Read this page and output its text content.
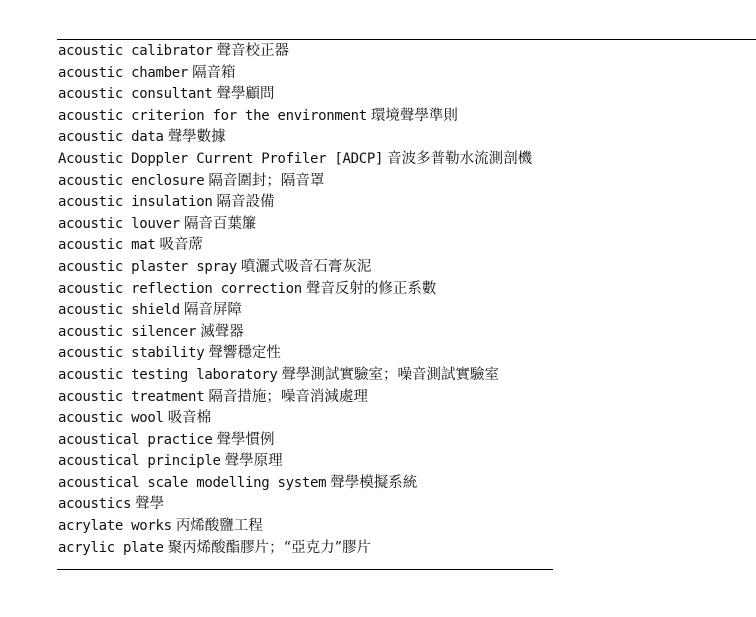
acoustic calibrator 聲音校正器
acoustic chamber 隔音箱
acoustic consultant 聲學顧問
acoustic criterion for the environment 環境聲學準則
acoustic data 聲學數據
Acoustic Doppler Current Profiler [ADCP] 音波多普勒水流測剖機
acoustic enclosure 隔音圍封；隔音罩
acoustic insulation 隔音設備
acoustic louver 隔音百葉簾
acoustic mat 吸音蓆
acoustic plaster spray 噴灑式吸音石膏灰泥
acoustic reflection correction 聲音反射的修正系數
acoustic shield 隔音屏障
acoustic silencer 滅聲器
acoustic stability 聲響穩定性
acoustic testing laboratory 聲學測試實驗室；噪音測試實驗室
acoustic treatment 隔音措施；噪音消減處理
acoustic wool 吸音棉
acoustical practice 聲學慣例
acoustical principle 聲學原理
acoustical scale modelling system 聲學模擬系統
acoustics 聲學
acrylate works 丙烯酸鹽工程
acrylic plate 聚丙烯酸酯膠片；“亞克力”膠片
